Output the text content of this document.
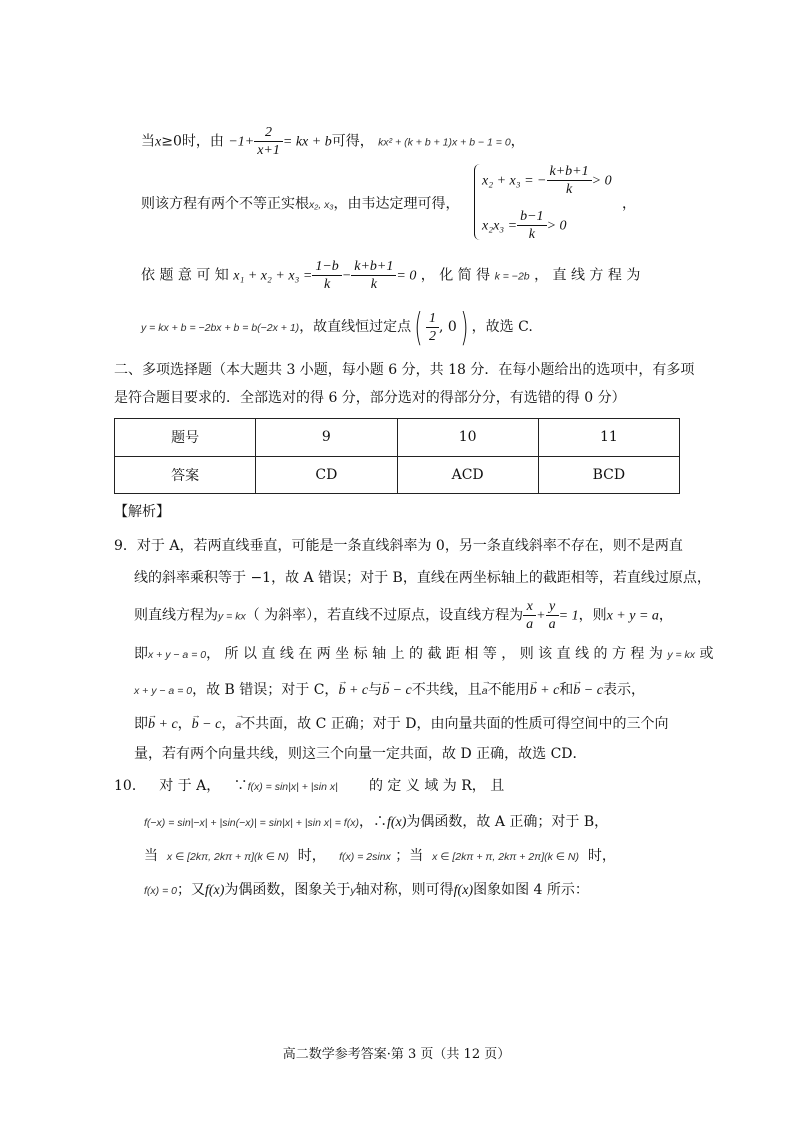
当x≥0时，由 $-1+ \frac{2}{x+1}$ = kx + b可得， kx² + (k + b + 1)x + b − 1 = 0，
则该方程有两个不等正实根x₂, x₃，由韦达定理可得，
x₂ + x₃ = − $\frac{k+b+1}{k} > 0$
$x_2x_3 = \frac{b-1}{k} > 0$
，
依 题 意 可 知 $x_1 + x_2 + x_3 = \frac{1-b}{k} - \frac{k+b+1}{k} = 0$ ， 化 简 得 k = −2b ， 直 线 方 程 为
y = kx + b = −2bx + b = b(−2x + 1)，故直线恒过定点( $\frac{1}{2}$ , 0) ，故选 C.
二、多项选择题（本大题共 3 小题，每小题 6 分，共 18 分．在每小题给出的选项中，有多项
是符合题目要求的．全部选对的得 6 分，部分选对的得部分分，有选错的得 0 分）
题号	9	10	11
答案	CD	ACD	BCD
【解析】
9．对于 A，若两直线垂直，可能是一条直线斜率为 0，另一条直线斜率不存在，则不是两直
线的斜率乘积等于 −1，故 A 错误；对于 B，直线在两坐标轴上的截距相等，若直线过原点，
则直线方程为y = kx（ 为斜率），若直线不过原点，设直线方程为 $\frac{x}{a} + \frac{y}{a} = 1$，则x + y = a，
即x + y − a = 0， 所 以 直 线 在 两 坐 标 轴 上 的 截 距 相 等 ， 则 该 直 线 的 方 程 为 y = kx 或
x + y − a = 0，故 B 错误；对于 C，→ b + c与→ b − c不共线，且→ a不能用→ b + c和→ b − c表示，
即→ b + c，→ b − c，→ a不共面，故 C 正确；对于 D，由向量共面的性质可得空间中的三个向
量，若有两个向量共线，则这三个向量一定共面，故 D 正确，故选 CD．
10． 对 于 A， ∵f(x) = sin|x| + |sin x| 的 定 义 域 为 R， 且
f(−x) = sin|−x| + |sin(−x)| = sin|x| + |sin x| = f(x)，∴f(x)为偶函数，故 A 正确；对于 B，
当 x ∈ [2kπ, 2kπ + π](k ∈ N) 时， f(x) = 2sinx ；当 x ∈ [2kπ + π, 2kπ + 2π](k ∈ N) 时，
f(x) = 0；又f(x)为偶函数，图象关于y轴对称，则可得f(x)图象如图 4 所示：
高二数学参考答案·第 3 页（共 12 页）
